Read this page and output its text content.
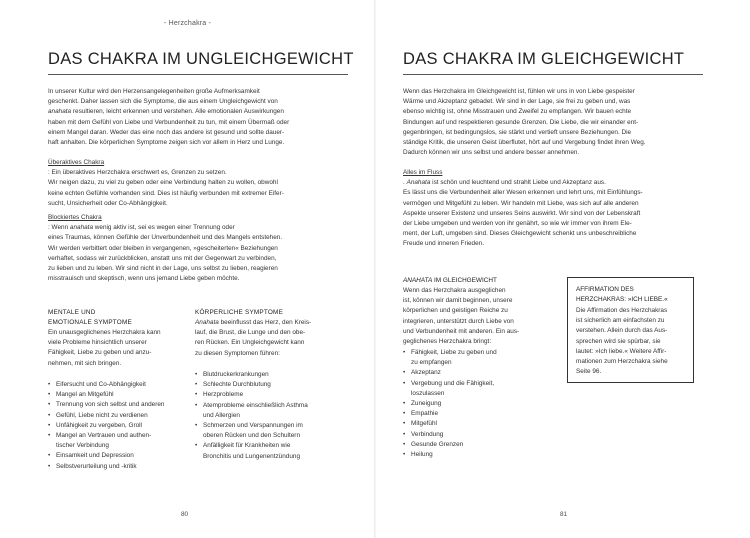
- Herzchakra -
DAS CHAKRA IM UNGLEICHGEWICHT
In unserer Kultur wird den Herzensangelegenheiten große Aufmerksamkeit
geschenkt. Daher lassen sich die Symptome, die aus einem Ungleichgewicht von
anahata resultieren, leicht erkennen und verstehen. Alle emotionalen Auswirkungen
haben mit dem Gefühl von Liebe und Verbundenheit zu tun, mit einem Übermaß oder
einem Mangel daran. Weder das eine noch das andere ist gesund und sollte dauer-
haft anhalten. Die körperlichen Symptome zeigen sich vor allem in Herz und Lunge.
Überaktives Chakra
: Ein überaktives Herzchakra erschwert es, Grenzen zu setzen.
Wir neigen dazu, zu viel zu geben oder eine Verbindung halten zu wollen, obwohl
keine echten Gefühle vorhanden sind. Dies ist häufig verbunden mit extremer Eifer-
sucht, Unsicherheit oder Co-Abhängigkeit.
Blockiertes Chakra
: Wenn anahata wenig aktiv ist, sei es wegen einer Trennung oder
eines Traumas, können Gefühle der Unverbundenheit und des Mangels entstehen.
Wir werden verbittert oder bleiben in vergangenen, »gescheiterten« Beziehungen
verhaftet, sodass wir zurückblicken, anstatt uns mit der Gegenwart zu verbinden,
zu lieben und zu leben. Wir sind nicht in der Lage, uns selbst zu lieben, reagieren
misstrauisch und skeptisch, wenn uns jemand Liebe geben möchte.
MENTALE UND
EMOTIONALE SYMPTOME
Ein unausgeglichenes Herzchakra kann
viele Probleme hinsichtlich unserer
Fähigkeit, Liebe zu geben und anzu-
nehmen, mit sich bringen.
• Eifersucht und Co-Abhängigkeit
• Mangel an Mitgefühl
• Trennung von sich selbst und anderen
• Gefühl, Liebe nicht zu verdienen
• Unfähigkeit zu vergeben, Groll
• Mangel an Vertrauen und authen-
tischer Verbindung
• Einsamkeit und Depression
• Selbstverurteilung und -kritik
KÖRPERLICHE SYMPTOME
Anahata beeinflusst das Herz, den Kreis-
lauf, die Brust, die Lunge und den obe-
ren Rücken. Ein Ungleichgewicht kann
zu diesen Symptomen führen:
• Blutdruckerkrankungen
• Schlechte Durchblutung
• Herzprobleme
• Atemprobleme einschließlich Asthma
und Allergien
• Schmerzen und Verspannungen im
oberen Rücken und den Schultern
• Anfälligkeit für Krankheiten wie
Bronchitis und Lungenentzündung
80
DAS CHAKRA IM GLEICHGEWICHT
Wenn das Herzchakra im Gleichgewicht ist, fühlen wir uns in von Liebe gespeister
Wärme und Akzeptanz gebadet. Wir sind in der Lage, sie frei zu geben und, was
ebenso wichtig ist, ohne Misstrauen und Zweifel zu empfangen. Wir bauen echte
Bindungen auf und respektieren gesunde Grenzen. Die Liebe, die wir einander ent-
gegenbringen, ist bedingungslos, sie stärkt und vertieft unsere Beziehungen. Die
ständige Kritik, die unseren Geist überflutet, hört auf und Vergebung findet ihren Weg.
Dadurch können wir uns selbst und andere besser annehmen.
Alles im Fluss
. Anahata ist schön und leuchtend und strahlt Liebe und Akzeptanz aus.
Es lässt uns die Verbundenheit aller Wesen erkennen und lehrt uns, mit Einfühlungs-
vermögen und Mitgefühl zu leben. Wir handeln mit Liebe, was sich auf alle anderen
Aspekte unserer Existenz und unseres Seins auswirkt. Wir sind von der Lebenskraft
der Liebe umgeben und werden von ihr genährt, so wie wir immer von ihrem Ele-
ment, der Luft, umgeben sind. Dieses Gleichgewicht schenkt uns unbeschreibliche
Freude und inneren Frieden.
ANAHATA IM GLEICHGEWICHT
Wenn das Herzchakra ausgeglichen
ist, können wir damit beginnen, unsere
körperlichen und geistigen Reiche zu
integrieren, unterstützt durch Liebe von
und Verbundenheit mit anderen. Ein aus-
geglichenes Herzchakra bringt:
• Fähigkeit, Liebe zu geben und
zu empfangen
• Akzeptanz
• Vergebung und die Fähigkeit,
loszulassen
• Zuneigung
• Empathie
• Mitgefühl
• Verbindung
• Gesunde Grenzen
• Heilung
AFFIRMATION DES
HERZCHAKRAS: »ICH LIEBE.«
Die Affirmation des Herzchakras
ist sicherlich am einfachsten zu
verstehen. Allein durch das Aus-
sprechen wird sie spürbar, sie
lautet: »Ich liebe.« Weitere Affir-
mationen zum Herzchakra siehe
Seite 96.
81
